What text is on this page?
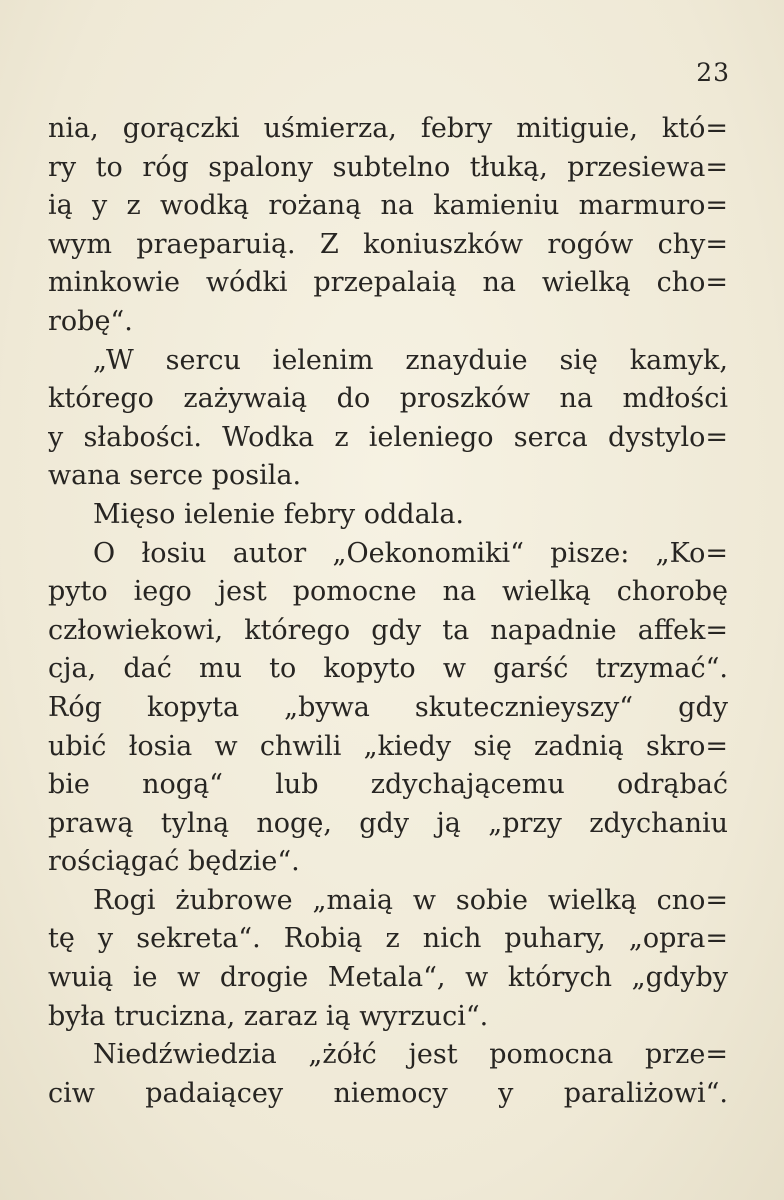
23
nia, gorączki uśmierza, febry mitiguie, któ=
ry to róg spalony subtelno tłuką, przesiewa=
ią y z wodką rożaną na kamieniu marmuro=
wym praeparuią. Z koniuszków rogów chy=
minkowie wódki przepalaią na wielką cho=
robę“.
„W sercu ielenim znayduie się kamyk,
którego zażywaią do proszków na mdłości
y słabości. Wodka z ieleniego serca dystylo=
wana serce posila.
Mięso ielenie febry oddala.
O łosiu autor „Oekonomiki“ pisze: „Ko=
pyto iego jest pomocne na wielką chorobę
człowiekowi, którego gdy ta napadnie affek=
cja, dać mu to kopyto w garść trzymać“.
Róg kopyta „bywa skuteczniеyszy“ gdy
ubić łosia w chwili „kiedy się zadnią skro=
bie nogą“ lub zdychającemu odrąbać
prawą tylną nogę, gdy ją „przy zdychaniu
rościągać będzie“.
Rogi żubrowe „maią w sobie wielką cno=
tę y sekreta“. Robią z nich puhary, „opra=
wuią ie w drogie Metala“, w których „gdyby
była trucizna, zaraz ią wyrzuci“.
Niedźwiedzia „żółć jest pomocna prze=
ciw padaiącey niemocy y paraliżowi“.
